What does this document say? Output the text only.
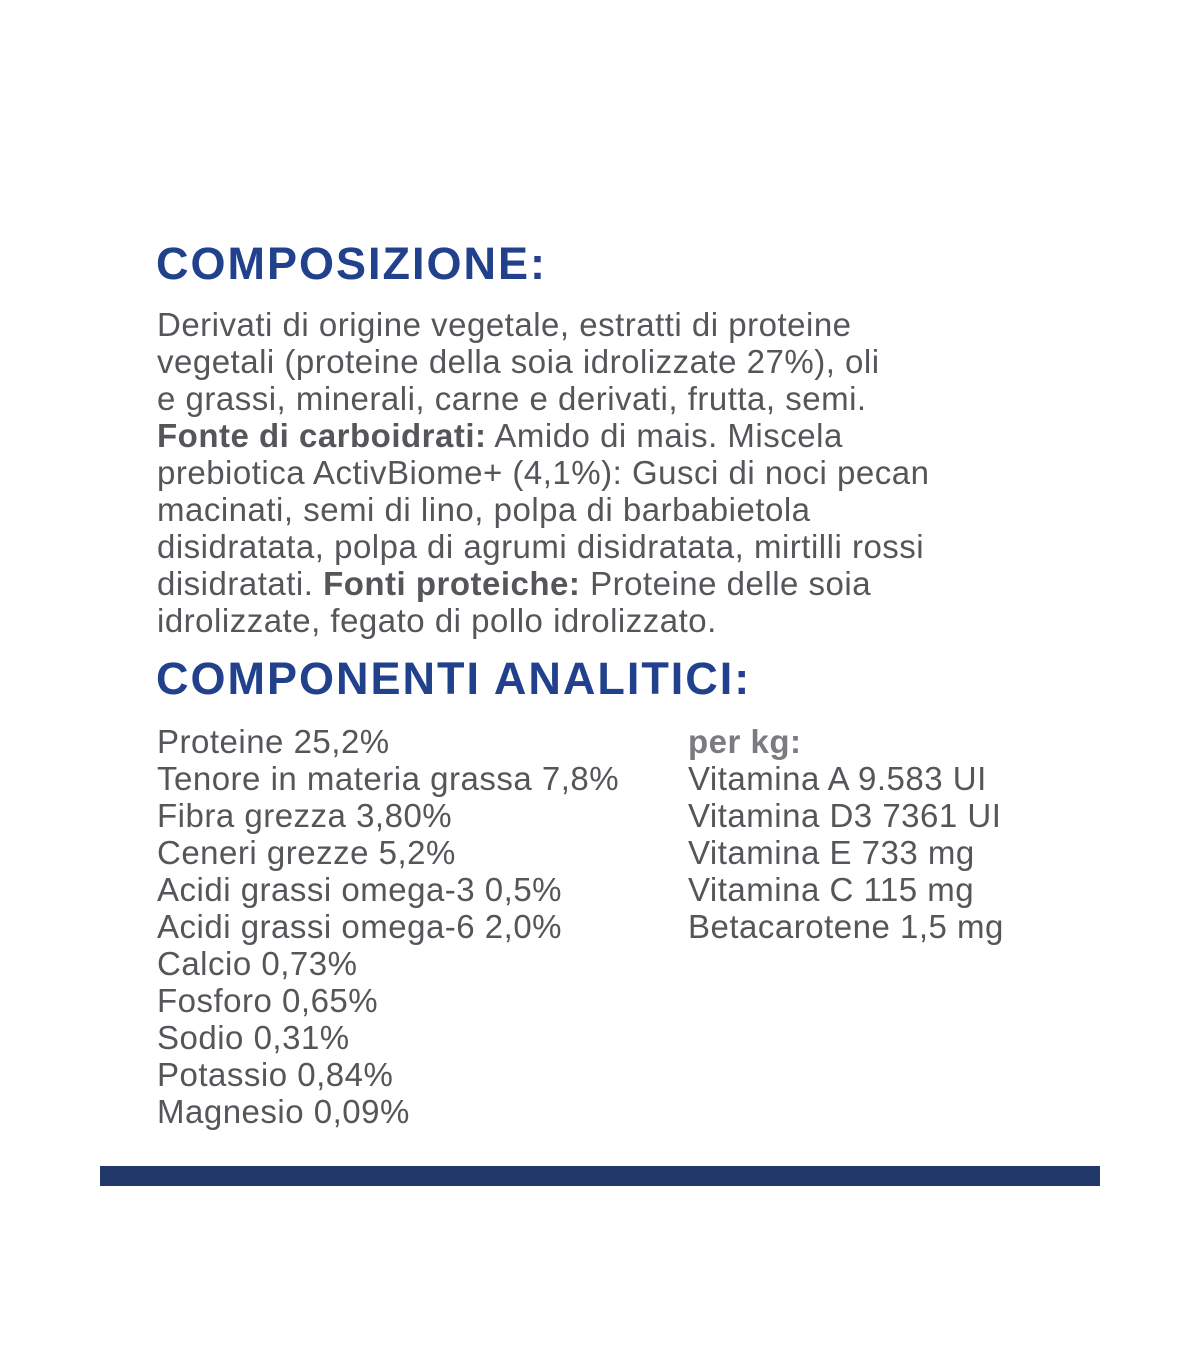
COMPOSIZIONE:
Derivati di origine vegetale, estratti di proteine
vegetali (proteine della soia idrolizzate 27%), oli
e grassi, minerali, carne e derivati, frutta, semi.
Fonte di carboidrati: Amido di mais. Miscela
prebiotica ActivBiome+ (4,1%): Gusci di noci pecan
macinati, semi di lino, polpa di barbabietola
disidratata, polpa di agrumi disidratata, mirtilli rossi
disidratati. Fonti proteiche: Proteine delle soia
idrolizzate, fegato di pollo idrolizzato.
COMPONENTI ANALITICI:
Proteine 25,2%
Tenore in materia grassa 7,8%
Fibra grezza 3,80%
Ceneri grezze 5,2%
Acidi grassi omega-3 0,5%
Acidi grassi omega-6 2,0%
Calcio 0,73%
Fosforo 0,65%
Sodio 0,31%
Potassio 0,84%
Magnesio 0,09%
per kg:
Vitamina A 9.583 UI
Vitamina D3 7361 UI
Vitamina E 733 mg
Vitamina C 115 mg
Betacarotene 1,5 mg
